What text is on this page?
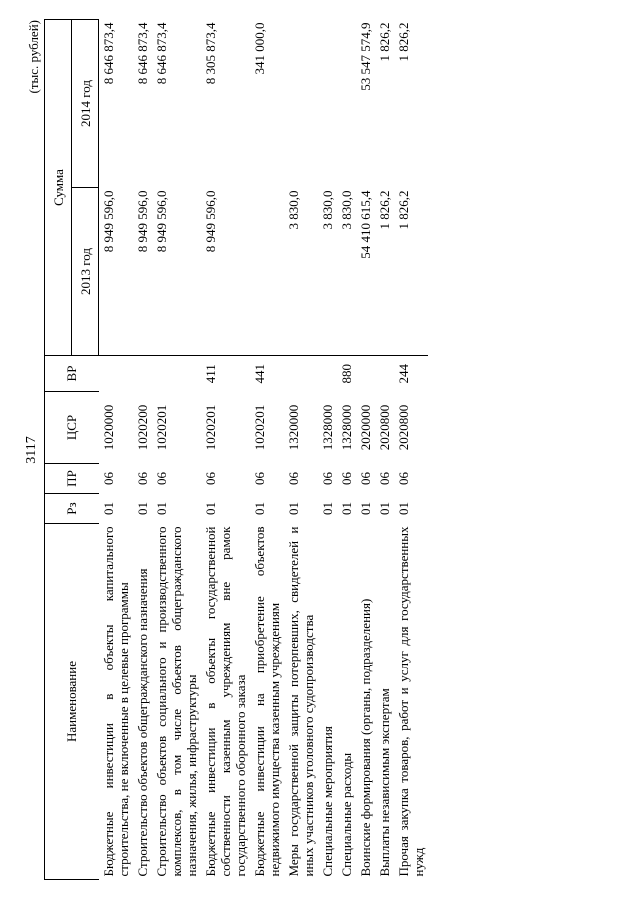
3117
(тыс. рублей)
Наименование	Рз	ПР	ЦСР	ВР	Сумма	
					2013 год	2014 год
Бюджетные инвестиции в объекты капитального строительства, не включенные в целевые программы	01	06	1020000		8 949 596,0	8 646 873,4
Строительство объектов общегражданского назначения	01	06	1020200		8 949 596,0	8 646 873,4
Строительство объектов социального и производственного комплексов, в том числе объектов общегражданского назначения, жилья, инфраструктуры	01	06	1020201		8 949 596,0	8 646 873,4
Бюджетные инвестиции в объекты государственной собственности казенным учреждениям вне рамок государственного оборонного заказа	01	06	1020201	411	8 949 596,0	8 305 873,4
Бюджетные инвестиции на приобретение объектов недвижимого имущества казенным учреждениям	01	06	1020201	441		341 000,0
Меры государственной защиты потерпевших, свидетелей и иных участников уголовного судопроизводства	01	06	1320000		3 830,0	
Специальные мероприятия	01	06	1328000		3 830,0	
Специальные расходы	01	06	1328000	880	3 830,0	
Воинские формирования (органы, подразделения)	01	06	2020000		54 410 615,4	53 547 574,9
Выплаты независимым экспертам	01	06	2020800		1 826,2	1 826,2
Прочая закупка товаров, работ и услуг для государственных нужд	01	06	2020800	244	1 826,2	1 826,2
